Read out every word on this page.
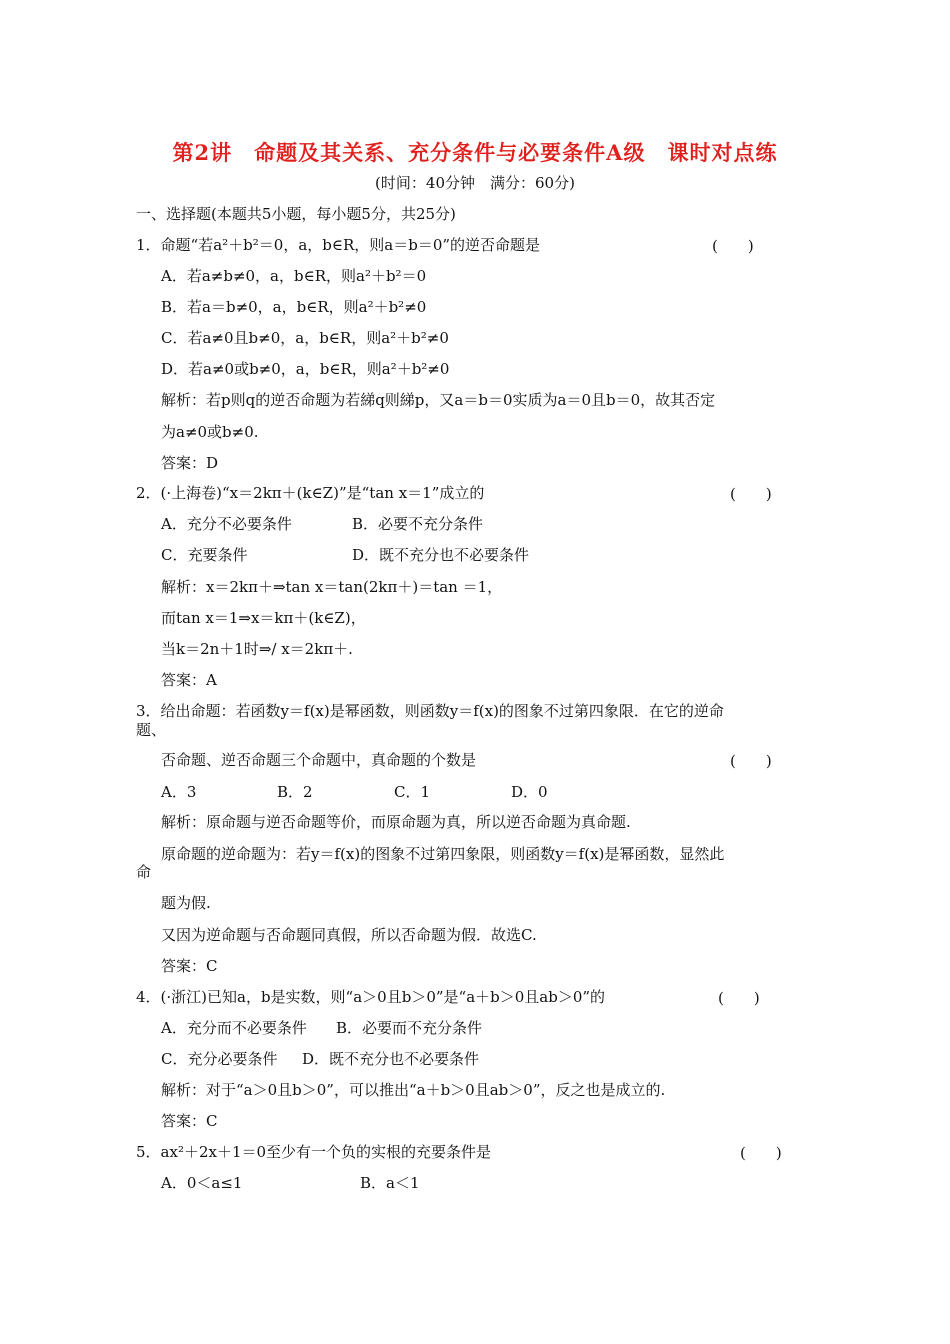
第2讲　命题及其关系、充分条件与必要条件A级　课时对点练
(时间：40分钟　满分：60分)
一、选择题(本题共5小题，每小题5分，共25分)
1．命题“若a²＋b²＝0，a，b∈R，则a＝b＝0”的逆否命题是	(　　)
A．若a≠b≠0，a，b∈R，则a²＋b²＝0
B．若a＝b≠0，a，b∈R，则a²＋b²≠0
C．若a≠0且b≠0，a，b∈R，则a²＋b²≠0
D．若a≠0或b≠0，a，b∈R，则a²＋b²≠0
解析：若p则q的逆否命题为若綈q则綈p，又a＝b＝0实质为a＝0且b＝0，故其否定
为a≠0或b≠0.
答案：D
2．(·上海卷)“x＝2kπ＋(k∈Z)”是“tan x＝1”成立的	(　　)
A．充分不必要条件	B．必要不充分条件
C．充要条件	D．既不充分也不必要条件
解析：x＝2kπ＋⇒tan x＝tan(2kπ＋)＝tan ＝1，
而tan x＝1⇒x＝kπ＋(k∈Z)，
当k＝2n＋1时⇒/ x＝2kπ＋.
答案：A
3．给出命题：若函数y＝f(x)是幂函数，则函数y＝f(x)的图象不过第四象限．在它的逆命
题、
否命题、逆否命题三个命题中，真命题的个数是	(　　)
A．3	B．2	C．1	D．0
解析：原命题与逆否命题等价，而原命题为真，所以逆否命题为真命题.
原命题的逆命题为：若y＝f(x)的图象不过第四象限，则函数y＝f(x)是幂函数，显然此
命
题为假.
又因为逆命题与否命题同真假，所以否命题为假．故选C.
答案：C
4．(·浙江)已知a，b是实数，则“a＞0且b＞0”是“a＋b＞0且ab＞0”的	(　　)
A．充分而不必要条件 B．必要而不充分条件
C．充分必要条件 D．既不充分也不必要条件
解析：对于“a＞0且b＞0”，可以推出“a＋b＞0且ab＞0”，反之也是成立的.
答案：C
5．ax²＋2x＋1＝0至少有一个负的实根的充要条件是	(　　)
A．0＜a≤1	B．a＜1
